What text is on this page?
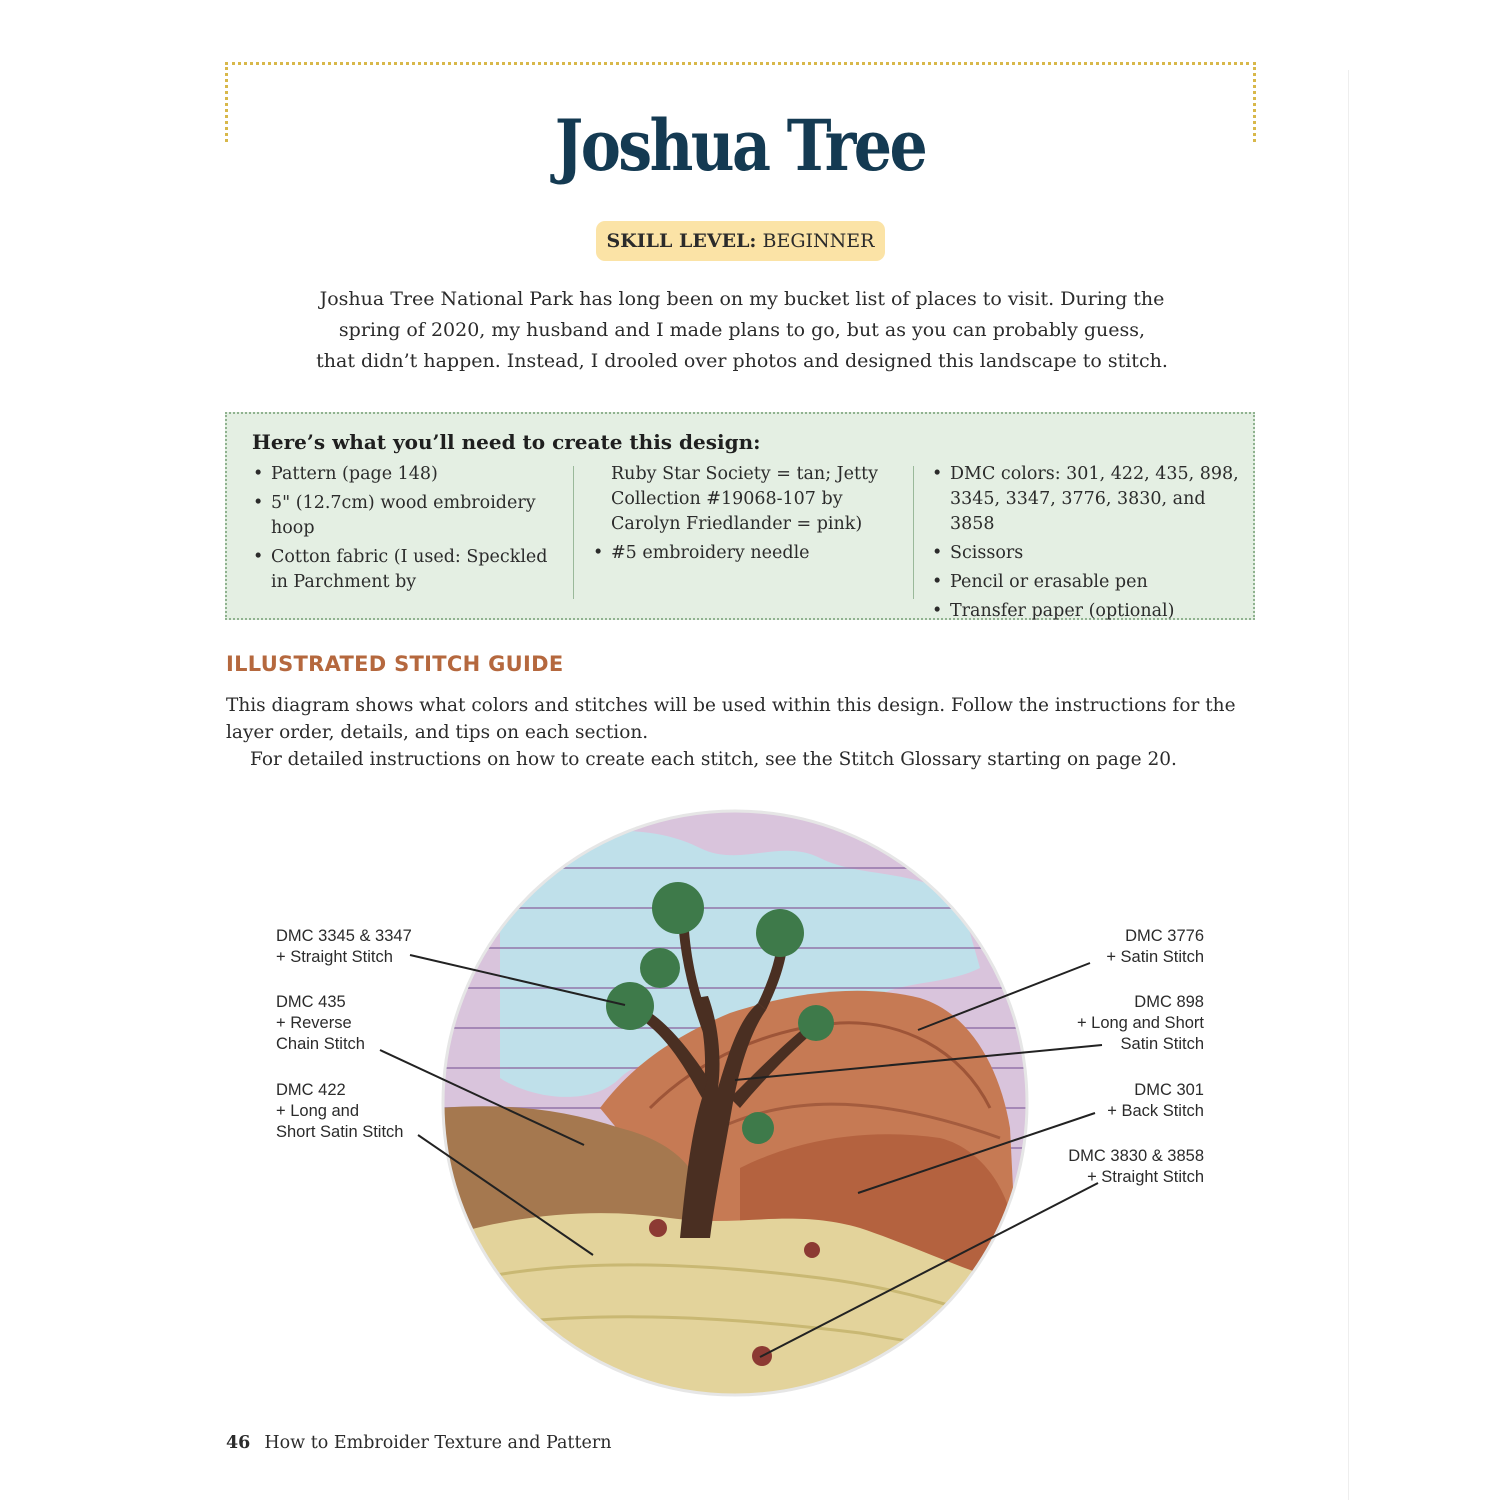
Joshua Tree
SKILL LEVEL: BEGINNER
Joshua Tree National Park has long been on my bucket list of places to visit. During the
spring of 2020, my husband and I made plans to go, but as you can probably guess,
that didn’t happen. Instead, I drooled over photos and designed this landscape to stitch.
Here’s what you’ll need to create this design:
• Pattern (page 148)
• 5" (12.7cm) wood embroidery hoop
• Cotton fabric (I used: Speckled in Parchment by
Ruby Star Society = tan; Jetty Collection #19068-107 by Carolyn Friedlander = pink)
• #5 embroidery needle
• DMC colors: 301, 422, 435, 898, 3345, 3347, 3776, 3830, and 3858
• Scissors
• Pencil or erasable pen
• Transfer paper (optional)
ILLUSTRATED STITCH GUIDE

This diagram shows what colors and stitches will be used within this design. Follow the instructions for the layer order, details, and tips on each section.

For detailed instructions on how to create each stitch, see the Stitch Glossary starting on page 20.

DMC 3345 & 3347
+ Straight Stitch
DMC 435
+ Reverse
Chain Stitch
DMC 422
+ Long and
Short Satin Stitch
DMC 3776
+ Satin Stitch
DMC 898
+ Long and Short
Satin Stitch
DMC 301
+ Back Stitch
DMC 3830 & 3858
+ Straight Stitch
46 How to Embroider Texture and Pattern
